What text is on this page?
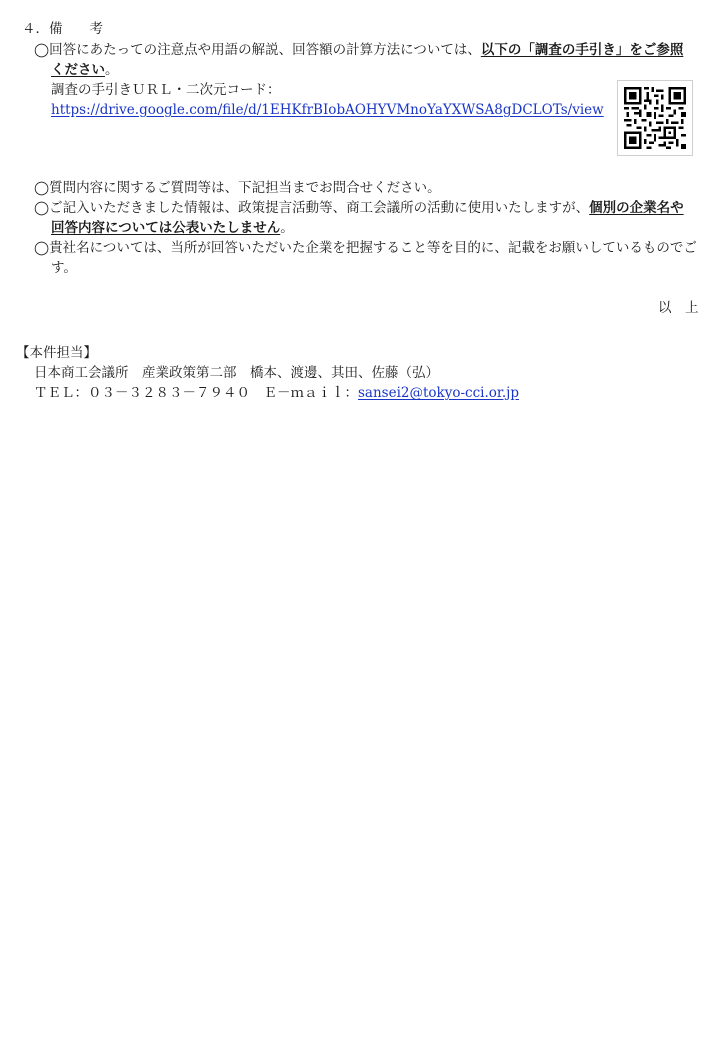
４．備　　考
◯回答にあたっての注意点や用語の解説、回答額の計算方法については、以下の「調査の手引き」をご参照
ください。
調査の手引きＵＲＬ・二次元コード：
https://drive.google.com/file/d/1EHKfrBIobAOHYVMnoYaYXWSA8gDCLOTs/view
◯質問内容に関するご質問等は、下記担当までお問合せください。
◯ご記入いただきました情報は、政策提言活動等、商工会議所の活動に使用いたしますが、個別の企業名や
回答内容については公表いたしません。
◯貴社名については、当所が回答いただいた企業を把握すること等を目的に、記載をお願いしているものでご
す。
以　上
【本件担当】
日本商工会議所　産業政策第二部　橋本、渡邊、其田、佐藤（弘）
ＴＥＬ：０３－３２８３－７９４０　Ｅ－ｍａｉｌ：sansei2@tokyo-cci.or.jp
